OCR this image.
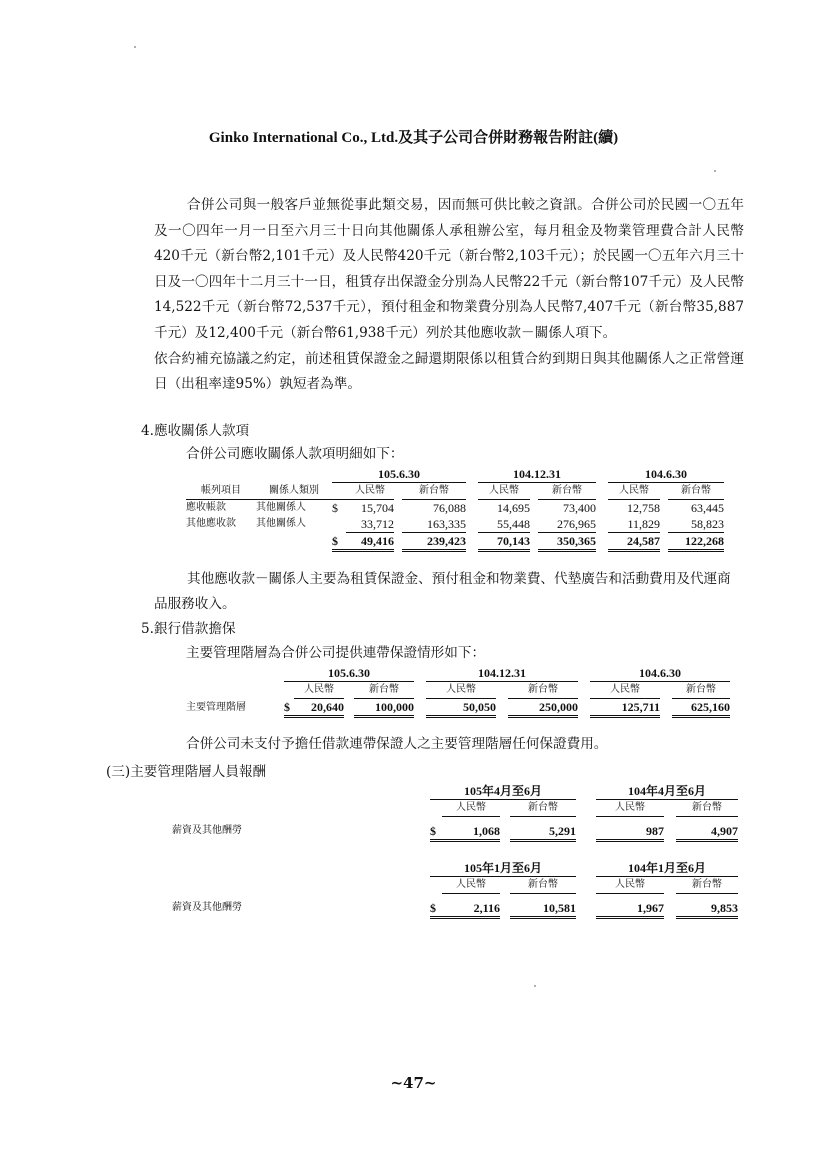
Ginko International Co., Ltd.及其子公司合併財務報告附註(續)

合併公司與一般客戶並無從事此類交易，因而無可供比較之資訊。合併公司於民國一〇五年及一〇四年一月一日至六月三十日向其他關係人承租辦公室，每月租金及物業管理費合計人民幣420千元（新台幣2,101千元）及人民幣420千元（新台幣2,103千元）；於民國一〇五年六月三十日及一〇四年十二月三十一日，租賃存出保證金分別為人民幣22千元（新台幣107千元）及人民幣14,522千元（新台幣72,537千元），預付租金和物業費分別為人民幣7,407千元（新台幣35,887千元）及12,400千元（新台幣61,938千元）列於其他應收款－關係人項下。

依合約補充協議之約定，前述租賃保證金之歸還期限係以租賃合約到期日與其他關係人之正常營運日（出租率達95%）孰短者為準。

4.應收關係人款項
合併公司應收關係人款項明細如下：
		105.6.30					104.12.31				104.6.30		
帳列項目	關係人類別		人民幣		新台幣		人民幣		新台幣		人民幣		新台幣
應收帳款	其他關係人	$	15,704		76,088		14,695		73,400		12,758		63,445
其他應收款	其他關係人		33,712		163,335		55,448		276,965		11,829		58,823
		$	49,416		239,423		70,143		350,365		24,587		122,268
其他應收款－關係人主要為租賃保證金、預付租金和物業費、代墊廣告和活動費用及代運商品服務收入。
5.銀行借款擔保
主要管理階層為合併公司提供連帶保證情形如下：
	105.6.30					104.12.31				104.6.30		
		人民幣		新台幣		人民幣		新台幣		人民幣		新台幣
主要管理階層	$	20,640		100,000		50,050		250,000		125,711		625,160
合併公司未支付予擔任借款連帶保證人之主要管理階層任何保證費用。
(三)主要管理階層人員報酬
	105年4月至6月					104年4月至6月		
		人民幣		新台幣		人民幣		新台幣

薪資及其他酬勞	$	1,068		5,291		987		4,907
	105年1月至6月					104年1月至6月		
		人民幣		新台幣		人民幣		新台幣

薪資及其他酬勞	$	2,116		10,581		1,967		9,853
~47~
